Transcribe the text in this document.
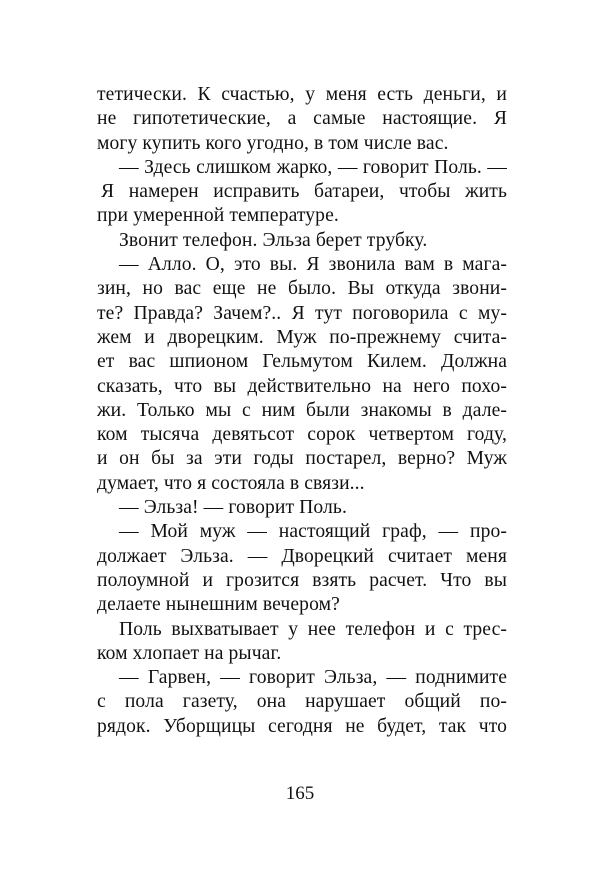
тетически. К счастью, у меня есть деньги, и
не гипотетические, а самые настоящие. Я
могу купить кого угодно, в том числе вас.
— Здесь слишком жарко, — говорит Поль. —
Я намерен исправить батареи, чтобы жить
при умеренной температуре.
Звонит телефон. Эльза берет трубку.
— Алло. О, это вы. Я звонила вам в мага-
зин, но вас еще не было. Вы откуда звони-
те? Правда? Зачем?.. Я тут поговорила с му-
жем и дворецким. Муж по-прежнему счита-
ет вас шпионом Гельмутом Килем. Должна
сказать, что вы действительно на него похо-
жи. Только мы с ним были знакомы в дале-
ком тысяча девятьсот сорок четвертом году,
и он бы за эти годы постарел, верно? Муж
думает, что я состояла в связи...
— Эльза! — говорит Поль.
— Мой муж — настоящий граф, — про-
должает Эльза. — Дворецкий считает меня
полоумной и грозится взять расчет. Что вы
делаете нынешним вечером?
Поль выхватывает у нее телефон и с трес-
ком хлопает на рычаг.
— Гарвен, — говорит Эльза, — поднимите
с пола газету, она нарушает общий по-
рядок. Уборщицы сегодня не будет, так что
165
